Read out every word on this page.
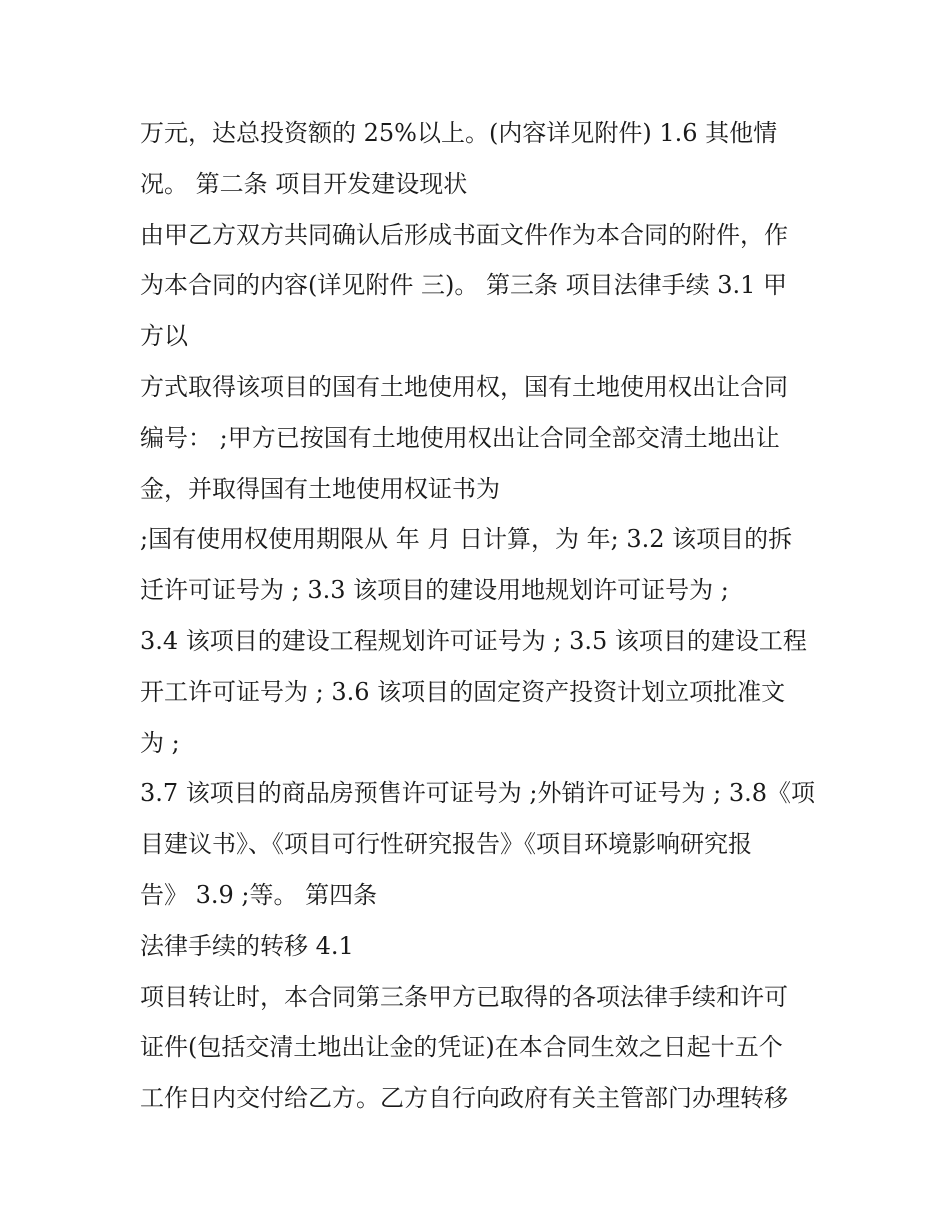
万元，达总投资额的 25%以上。(内容详见附件) 1.6 其他情
况。 第二条 项目开发建设现状
由甲乙方双方共同确认后形成书面文件作为本合同的附件，作
为本合同的内容(详见附件 三)。 第三条 项目法律手续 3.1 甲
方以
方式取得该项目的国有土地使用权，国有土地使用权出让合同
编号： ;甲方已按国有土地使用权出让合同全部交清土地出让
金，并取得国有土地使用权证书为
;国有使用权使用期限从 年 月 日计算，为 年; 3.2 该项目的拆
迁许可证号为 ; 3.3 该项目的建设用地规划许可证号为 ;
3.4 该项目的建设工程规划许可证号为 ; 3.5 该项目的建设工程
开工许可证号为 ; 3.6 该项目的固定资产投资计划立项批准文
为 ;
3.7 该项目的商品房预售许可证号为 ;外销许可证号为 ; 3.8《项
目建议书》、《项目可行性研究报告》《项目环境影响研究报
告》 3.9 ;等。 第四条
法律手续的转移 4.1
项目转让时，本合同第三条甲方已取得的各项法律手续和许可
证件(包括交清土地出让金的凭证)在本合同生效之日起十五个
工作日内交付给乙方。乙方自行向政府有关主管部门办理转移
